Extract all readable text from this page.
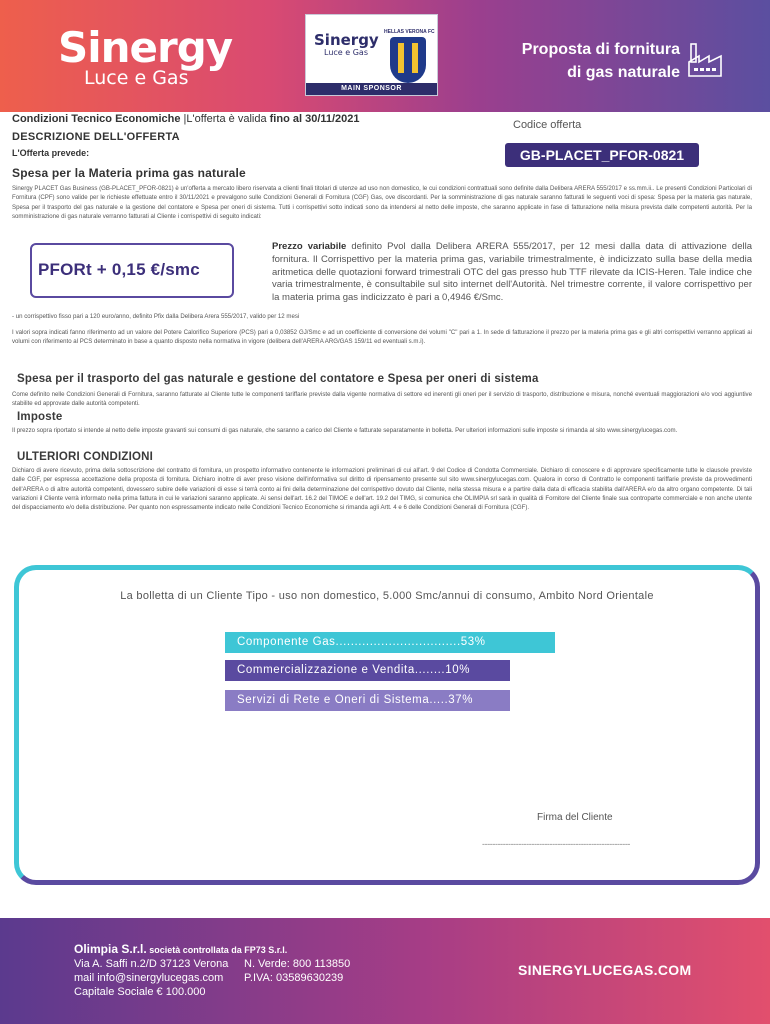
Sinergy
Luce e Gas
Sinergy
Luce e Gas
HELLAS VERONA FC
MAIN SPONSOR
Proposta di fornitura
di gas naturale
Condizioni Tecnico Economiche |L'offerta è valida fino al 30/11/2021
DESCRIZIONE DELL'OFFERTA
L'Offerta prevede:
Codice offerta
GB-PLACET_PFOR-0821
Spesa per la Materia prima gas naturale
Sinergy PLACET Gas Business (GB-PLACET_PFOR-0821) è un'offerta a mercato libero riservata a clienti finali titolari di utenze ad uso non domestico, le cui condizioni contrattuali sono definite dalla Delibera ARERA 555/2017 e ss.mm.ii.. Le presenti Condizioni Particolari di Fornitura (CPF) sono valide per le richieste effettuate entro il 30/11/2021 e prevalgono sulle Condizioni Generali di Fornitura (CGF) Gas, ove discordanti. Per la somministrazione di gas naturale saranno fatturati le seguenti voci di spesa: Spesa per la materia gas naturale, Spesa per il trasporto del gas naturale e la gestione del contatore e Spesa per oneri di sistema. Tutti i corrispettivi sotto indicati sono da intendersi al netto delle imposte, che saranno applicate in fase di fatturazione nella misura prevista dalle competenti autorità. Per la somministrazione di gas naturale verranno fatturati al Cliente i corrispettivi di seguito indicati:
PFORt + 0,15 €/smc
Prezzo variabile definito Pvol dalla Delibera ARERA 555/2017, per 12 mesi dalla data di attivazione della fornitura. Il Corrispettivo per la materia prima gas, variabile trimestralmente, è indicizzato sulla base della media aritmetica delle quotazioni forward trimestrali OTC del gas presso hub TTF rilevate da ICIS-Heren. Tale indice che varia trimestralmente, è consultabile sul sito internet dell'Autorità. Nel trimestre corrente, il valore corrispettivo per la materia prima gas indicizzato è pari a 0,4946 €/Smc.
- un corrispettivo fisso pari a 120 euro/anno, definito Pfix dalla Delibera Arera 555/2017, valido per 12 mesi
I valori sopra indicati fanno riferimento ad un valore del Potere Calorifico Superiore (PCS) pari a 0,03852 GJ/Smc e ad un coefficiente di conversione dei volumi "C" pari a 1. In sede di fatturazione il prezzo per la materia prima gas e gli altri corrispettivi verranno applicati ai volumi con riferimento al PCS determinato in base a quanto disposto nella normativa in vigore (delibera dell'ARERA ARG/GAS 159/11 ed eventuali s.m.i).
Spesa per il trasporto del gas naturale e gestione del contatore e Spesa per oneri di sistema
Come definito nelle Condizioni Generali di Fornitura, saranno fatturate al Cliente tutte le componenti tariffarie previste dalla vigente normativa di settore ed inerenti gli oneri per il servizio di trasporto, distribuzione e misura, nonché eventuali maggiorazioni e/o voci aggiuntive stabilite ed approvate dalle autorità competenti.
Imposte
Il prezzo sopra riportato si intende al netto delle imposte gravanti sui consumi di gas naturale, che saranno a carico del Cliente e fatturate separatamente in bolletta. Per ulteriori informazioni sulle imposte si rimanda al sito www.sinergylucegas.com.
ULTERIORI CONDIZIONI
Dichiaro di avere ricevuto, prima della sottoscrizione del contratto di fornitura, un prospetto informativo contenente le informazioni preliminari di cui all'art. 9 del Codice di Condotta Commerciale. Dichiaro di conoscere e di approvare specificamente tutte le clausole previste dalle CGF, per espressa accettazione della proposta di fornitura. Dichiaro inoltre di aver preso visione dell'informativa sul diritto di ripensamento presente sul sito www.sinergylucegas.com. Qualora in corso di Contratto le componenti tariffarie previste da provvedimenti dell'ARERA o di altre autorità competenti, dovessero subire delle variazioni di esse si terrà conto ai fini della determinazione del corrispettivo dovuto dal Cliente, nella stessa misura e a partire dalla data di efficacia stabilita dall'ARERA e/o da altro organo competente. Di tali variazioni il Cliente verrà informato nella prima fattura in cui le variazioni saranno applicate. Ai sensi dell'art. 16.2 del TIMOE e dell'art. 19.2 del TIMG, si comunica che OLIMPIA srl sarà in qualità di Fornitore del Cliente finale sua controparte commerciale e non anche utente del dispacciamento e/o della distribuzione. Per quanto non espressamente indicato nelle Condizioni Tecnico Economiche si rimanda agli Artt. 4 e 6 delle Condizioni Generali di Fornitura (CGF).
La bolletta di un Cliente Tipo - uso non domestico, 5.000 Smc/annui di consumo, Ambito Nord Orientale
Componente Gas.................................53%
Commercializzazione e Vendita........10%
Servizi di Rete e Oneri di Sistema.....37%
Firma del Cliente
---------------------------------------------------------
Olimpia S.r.l. società controllata da FP73 S.r.l.
Via A. Saffi n.2/D 37123 Verona
mail info@sinergylucegas.com
Capitale Sociale € 100.000
N. Verde: 800 113850
P.IVA: 03589630239	SINERGYLUCEGAS.COM
